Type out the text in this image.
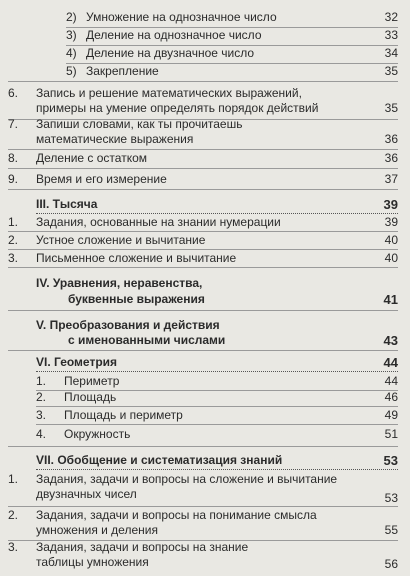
2) Умножение на однозначное число	32
3) Деление на однозначное число	33
4) Деление на двузначное число	34
5) Закрепление	35
6. Запись и решение математических выражений,
примеры на умение определять порядок действий	35
7. Запиши словами, как ты прочитаешь
математические выражения	36
8. Деление с остатком	36
9. Время и его измерение	37
III. Тысяча	39
1. Задания, основанные на знании нумерации	39
2. Устное сложение и вычитание	40
3. Письменное сложение и вычитание	40
IV. Уравнения, неравенства,
буквенные выражения	41
V. Преобразования и действия
с именованными числами	43
VI. Геометрия	44
1. Периметр	44
2. Площадь	46
3. Площадь и периметр	49
4. Окружность	51
VII. Обобщение и систематизация знаний	53
1. Задания, задачи и вопросы на сложение и вычитание
двузначных чисел	53
2. Задания, задачи и вопросы на понимание смысла
умножения и деления	55
3. Задания, задачи и вопросы на знание
таблицы умножения	56
